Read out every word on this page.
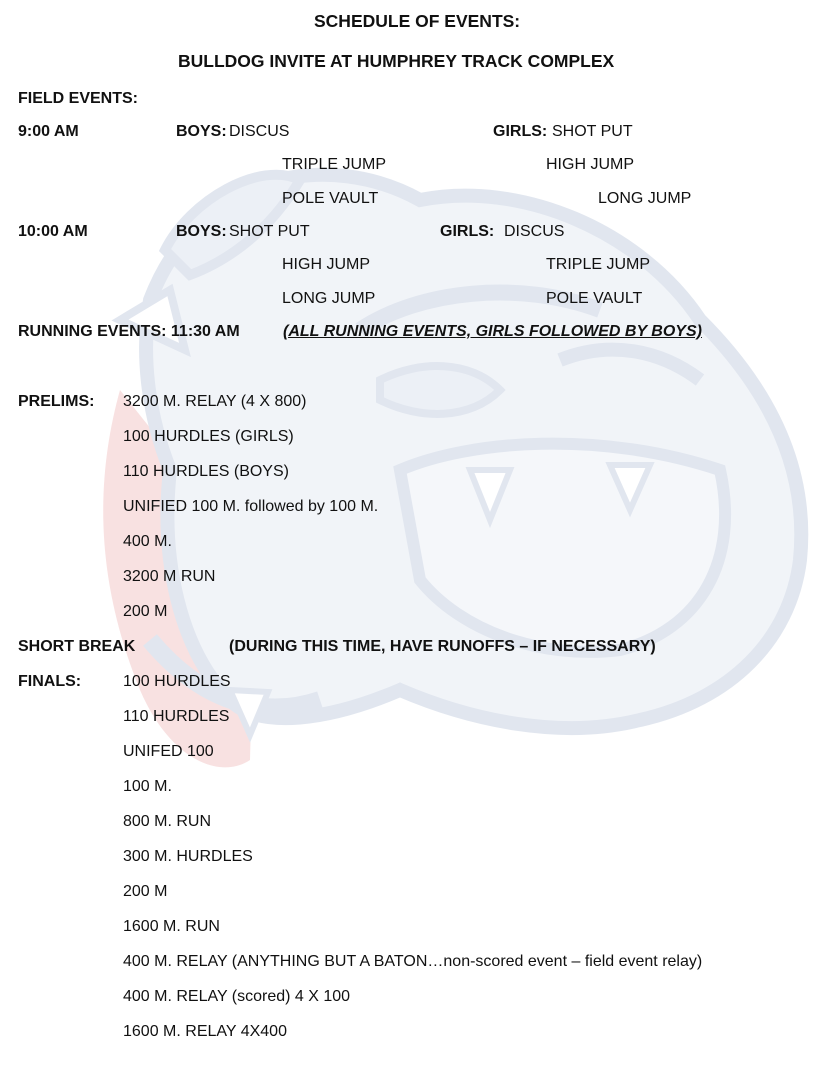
SCHEDULE OF EVENTS:
BULLDOG INVITE AT HUMPHREY TRACK COMPLEX
FIELD EVENTS:
9:00 AM	BOYS: DISCUS	GIRLS: SHOT PUT
TRIPLE JUMP	HIGH JUMP
POLE VAULT	LONG JUMP
10:00 AM	BOYS: SHOT PUT	GIRLS: DISCUS
HIGH JUMP	TRIPLE JUMP
LONG JUMP	POLE VAULT
RUNNING EVENTS: 11:30 AM	(ALL RUNNING EVENTS, GIRLS FOLLOWED BY BOYS)
PRELIMS: 3200 M. RELAY (4 X 800)
100 HURDLES (GIRLS)
110 HURDLES (BOYS)
UNIFIED 100 M. followed by 100 M.
400 M.
3200 M RUN
200 M
SHORT BREAK	(DURING THIS TIME, HAVE RUNOFFS – IF NECESSARY)
FINALS:	100 HURDLES
110 HURDLES
UNIFED 100
100 M.
800 M. RUN
300 M. HURDLES
200 M
1600 M. RUN
400 M. RELAY (ANYTHING BUT A BATON…non-scored event – field event relay)
400 M. RELAY (scored) 4 X 100
1600 M. RELAY 4X400
